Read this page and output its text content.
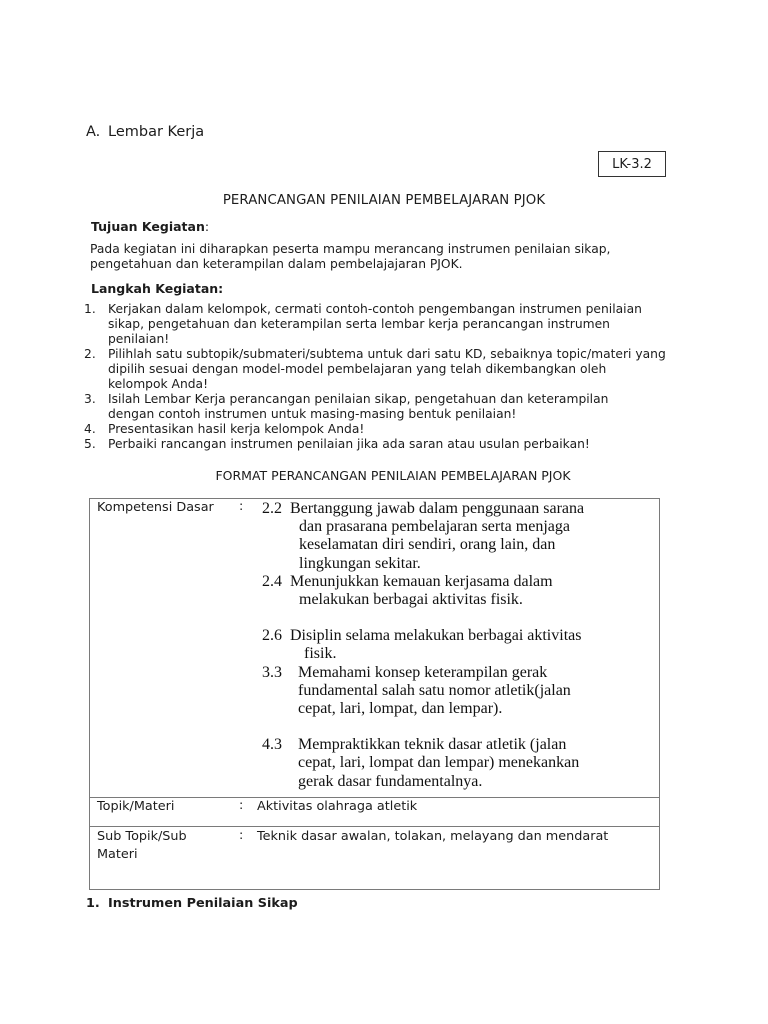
A. Lembar Kerja
LK-3.2
PERANCANGAN PENILAIAN PEMBELAJARAN PJOK
Tujuan Kegiatan:
Pada kegiatan ini diharapkan peserta mampu merancang instrumen penilaian sikap,
pengetahuan dan keterampilan dalam pembelajajaran PJOK.
Langkah Kegiatan:
1. Kerjakan dalam kelompok, cermati contoh-contoh pengembangan instrumen penilaian
sikap, pengetahuan dan keterampilan serta lembar kerja perancangan instrumen
penilaian!
2. Pilihlah satu subtopik/submateri/subtema untuk dari satu KD, sebaiknya topic/materi yang
dipilih sesuai dengan model-model pembelajaran yang telah dikembangkan oleh
kelompok Anda!
3. Isilah Lembar Kerja perancangan penilaian sikap, pengetahuan dan keterampilan
dengan contoh instrumen untuk masing-masing bentuk penilaian!
4. Presentasikan hasil kerja kelompok Anda!
5. Perbaiki rancangan instrumen penilaian jika ada saran atau usulan perbaikan!
FORMAT PERANCANGAN PENILAIAN PEMBELAJARAN PJOK
Kompetensi Dasar	: 2.2 Bertanggung jawab dalam penggunaan sarana
dan prasarana pembelajaran serta menjaga
keselamatan diri sendiri, orang lain, dan
lingkungan sekitar.
2.4 Menunjukkan kemauan kerjasama dalam
melakukan berbagai aktivitas fisik.
2.6 Disiplin selama melakukan berbagai aktivitas
fisik.
3.3 Memahami konsep keterampilan gerak
fundamental salah satu nomor atletik(jalan
cepat, lari, lompat, dan lempar).
4.3 Mempraktikkan teknik dasar atletik (jalan
cepat, lari, lompat dan lempar) menekankan
gerak dasar fundamentalnya.

Topik/Materi	: Aktivitas olahraga atletik

Sub Topik/Sub
Materi
: Teknik dasar awalan, tolakan, melayang dan mendarat
1. Instrumen Penilaian Sikap
